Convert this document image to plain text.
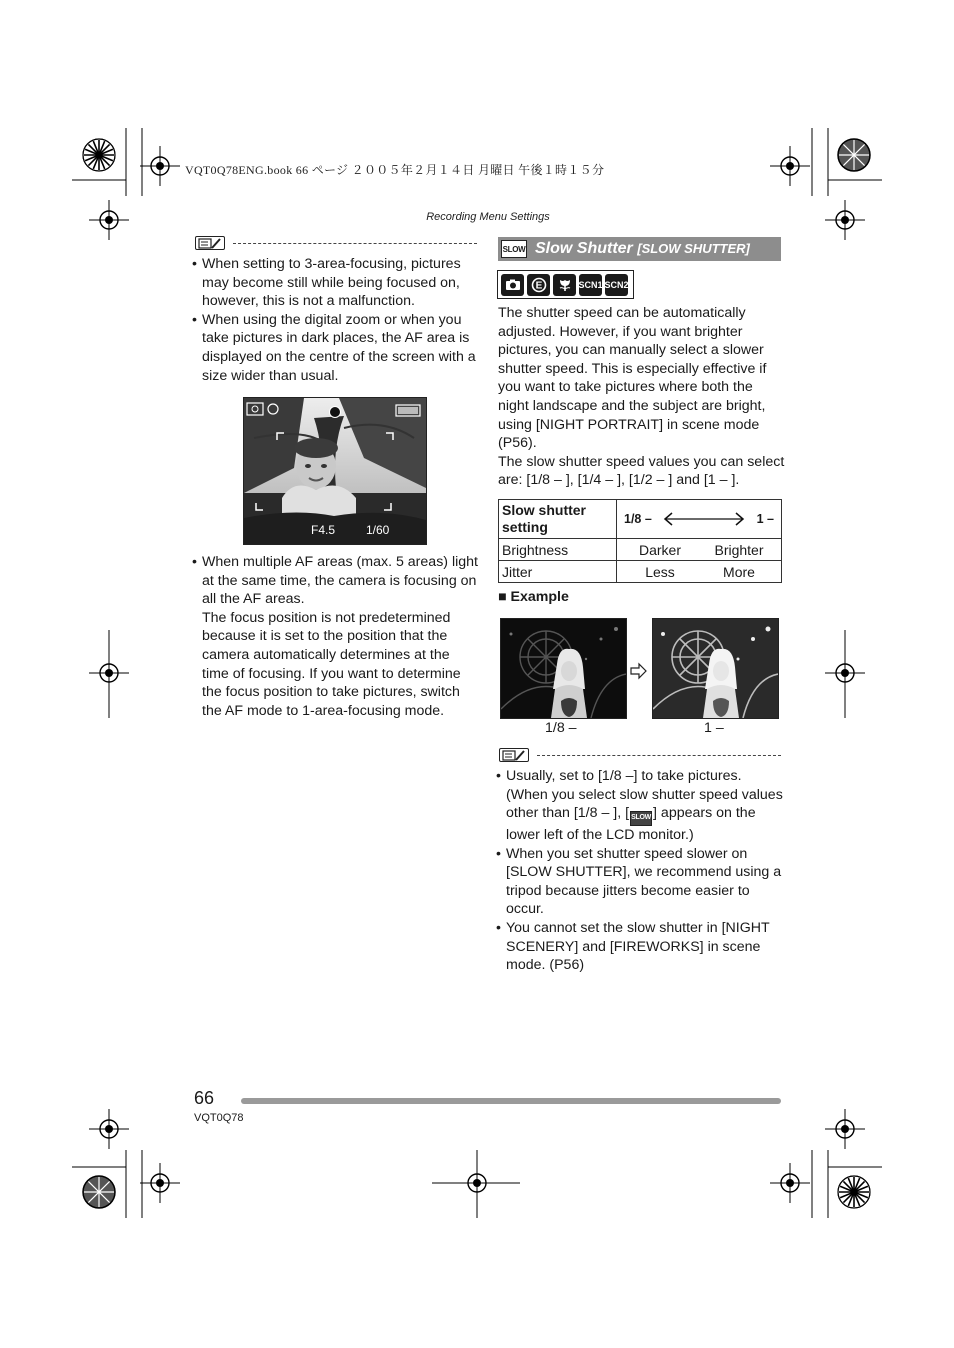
VQT0Q78ENG.book 66 ページ ２００５年２月１４日 月曜日 午後１時１５分
Recording Menu Settings
• When setting to 3-area-focusing, pictures may become still while being focused on, however, this is not a malfunction.
• When using the digital zoom or when you take pictures in dark places, the AF area is displayed on the centre of the screen with a size wider than usual.
F4.5	1/60
• When multiple AF areas (max. 5 areas) light at the same time, the camera is focusing on all the AF areas.
The focus position is not predetermined because it is set to the position that the camera automatically determines at the time of focusing. If you want to determine the focus position to take pictures, switch the AF mode to 1-area-focusing mode.
SLOW Slow Shutter [SLOW SHUTTER]
E	SCN1 SCN2
The shutter speed can be automatically adjusted. However, if you want brighter pictures, you can manually select a slower shutter speed. This is especially effective if you want to take pictures where both the night landscape and the subject are bright, using [NIGHT PORTRAIT] in scene mode (P56).
The slow shutter speed values you can select are: [1/8 – ], [1/4 – ], [1/2 – ] and [1 – ].
Slow shutter setting	1/8 – 1 –

Brightness	Darker Brighter

Jitter	Less More
■ Example
1/8 –	1 –
• Usually, set to [1/8 –] to take pictures. (When you select slow shutter speed values other than [1/8 – ], [ SLOW ] appears on the lower left of the LCD monitor.)
• When you set shutter speed slower on [SLOW SHUTTER], we recommend using a tripod because jitters become easier to occur.
• You cannot set the slow shutter in [NIGHT SCENERY] and [FIREWORKS] in scene mode. (P56)
66
VQT0Q78
